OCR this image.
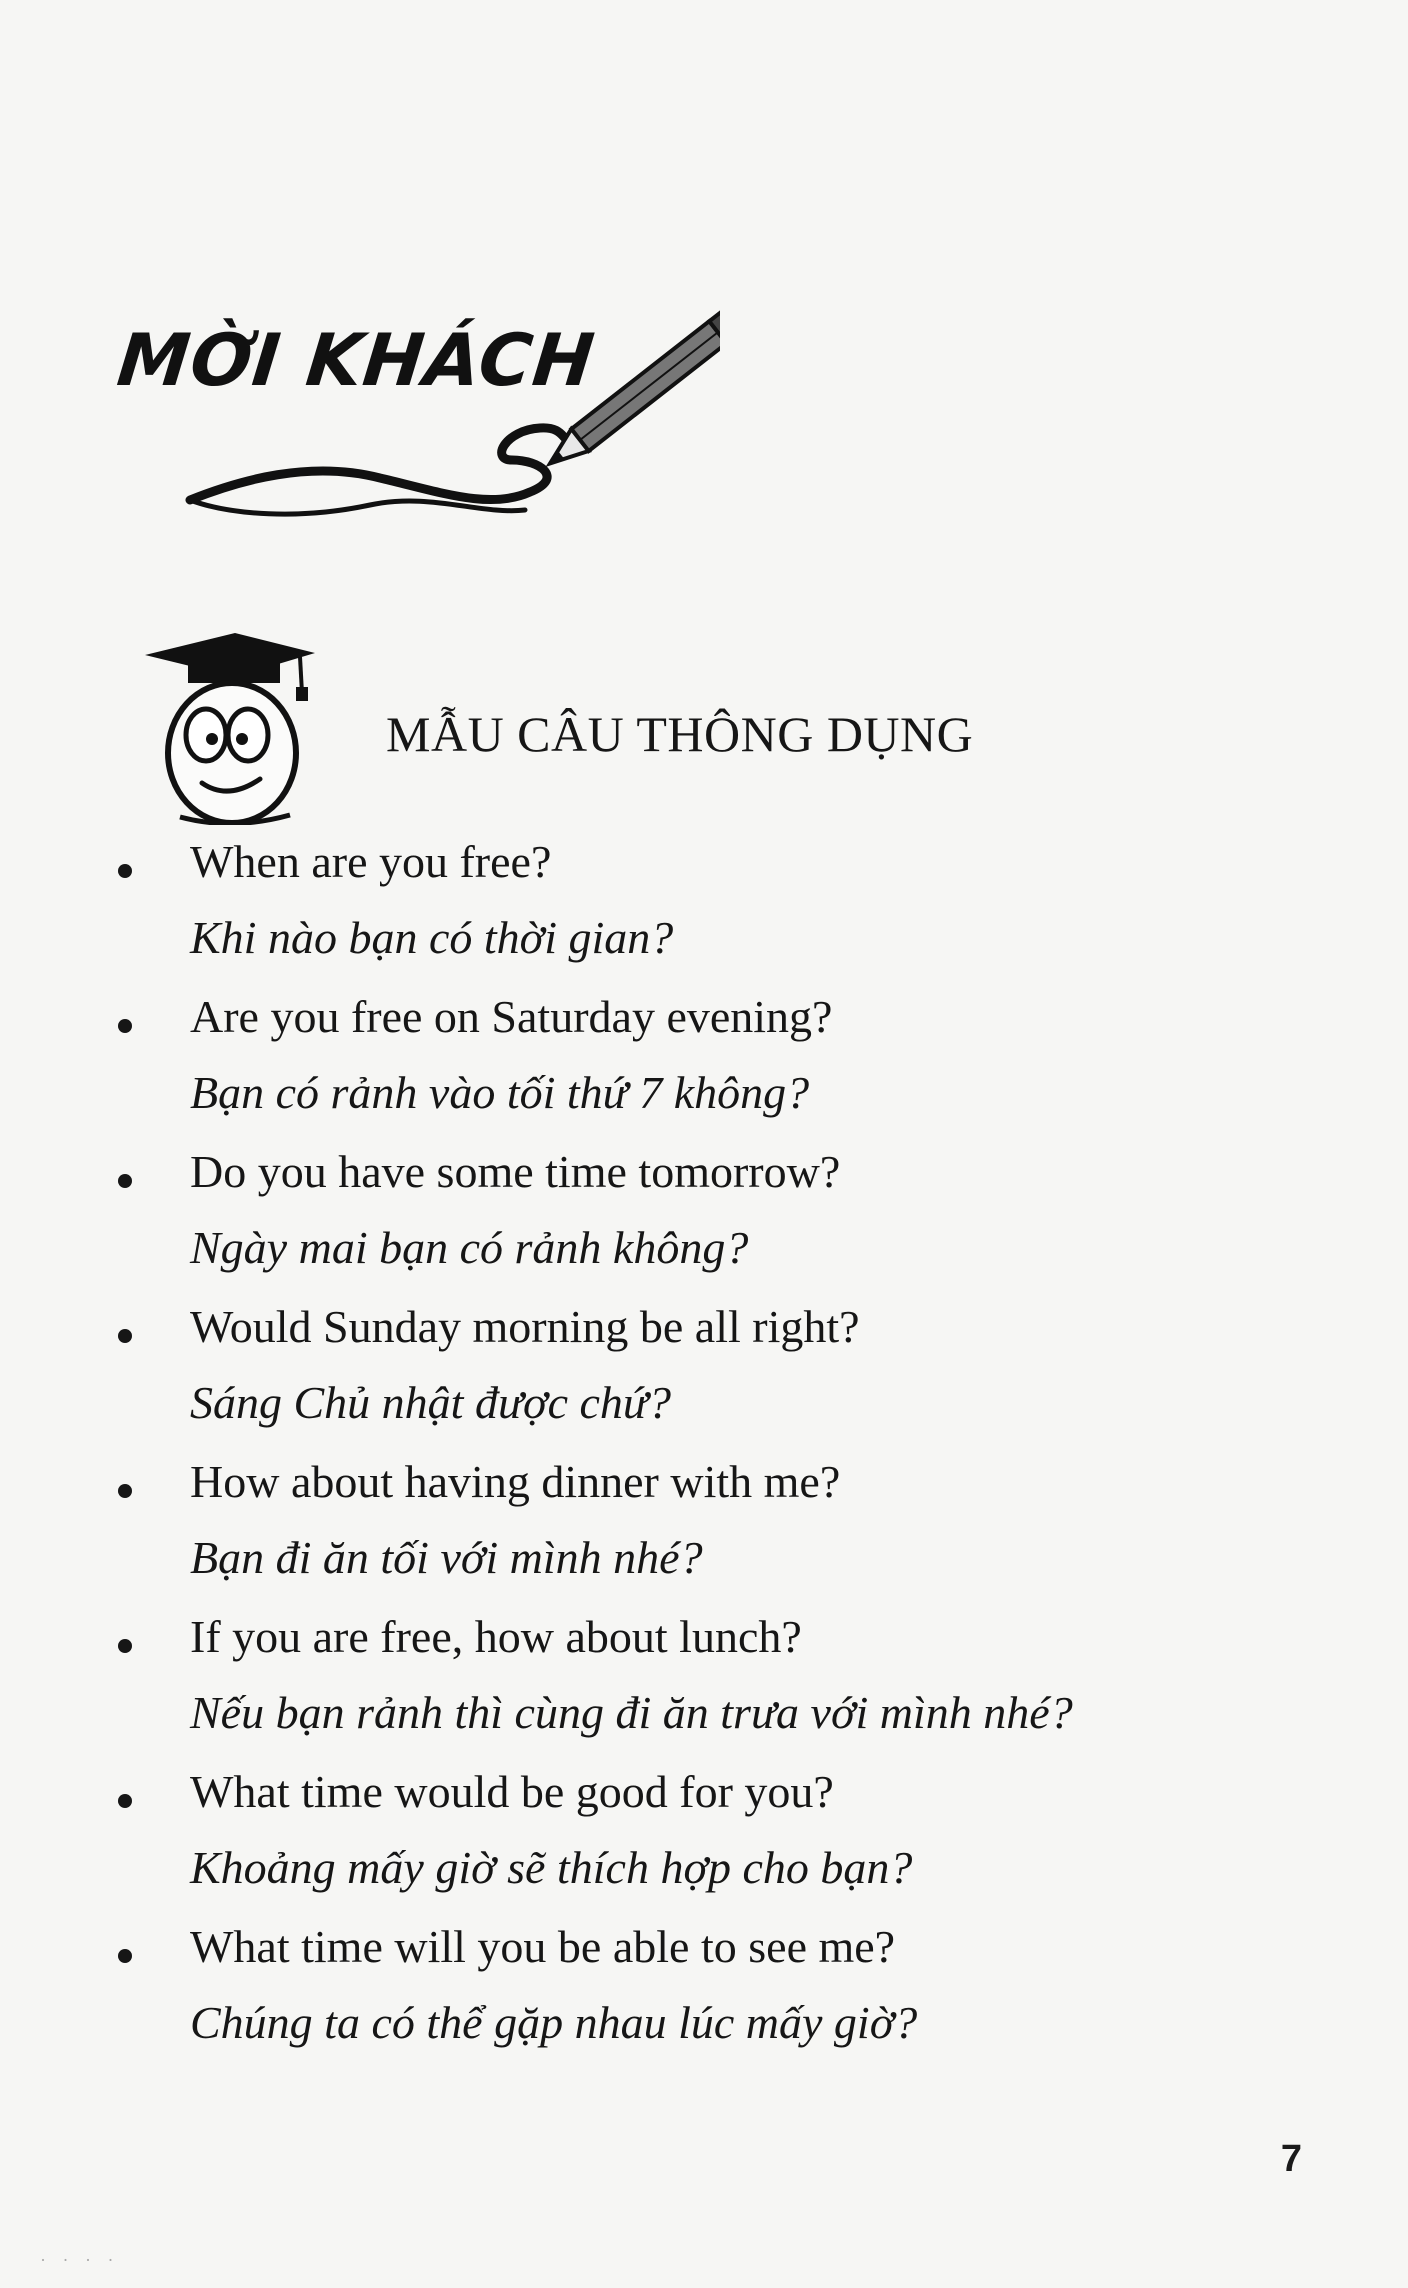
MỜI KHÁCH
MẪU CÂU THÔNG DỤNG
When are you free?
Khi nào bạn có thời gian?
Are you free on Saturday evening?
Bạn có rảnh vào tối thứ 7 không?
Do you have some time tomorrow?
Ngày mai bạn có rảnh không?
Would Sunday morning be all right?
Sáng Chủ nhật được chứ?
How about having dinner with me?
Bạn đi ăn tối với mình nhé?
If you are free, how about lunch?
Nếu bạn rảnh thì cùng đi ăn trưa với mình nhé?
What time would be good for you?
Khoảng mấy giờ sẽ thích hợp cho bạn?
What time will you be able to see me?
Chúng ta có thể gặp nhau lúc mấy giờ?
7
· · · ·
